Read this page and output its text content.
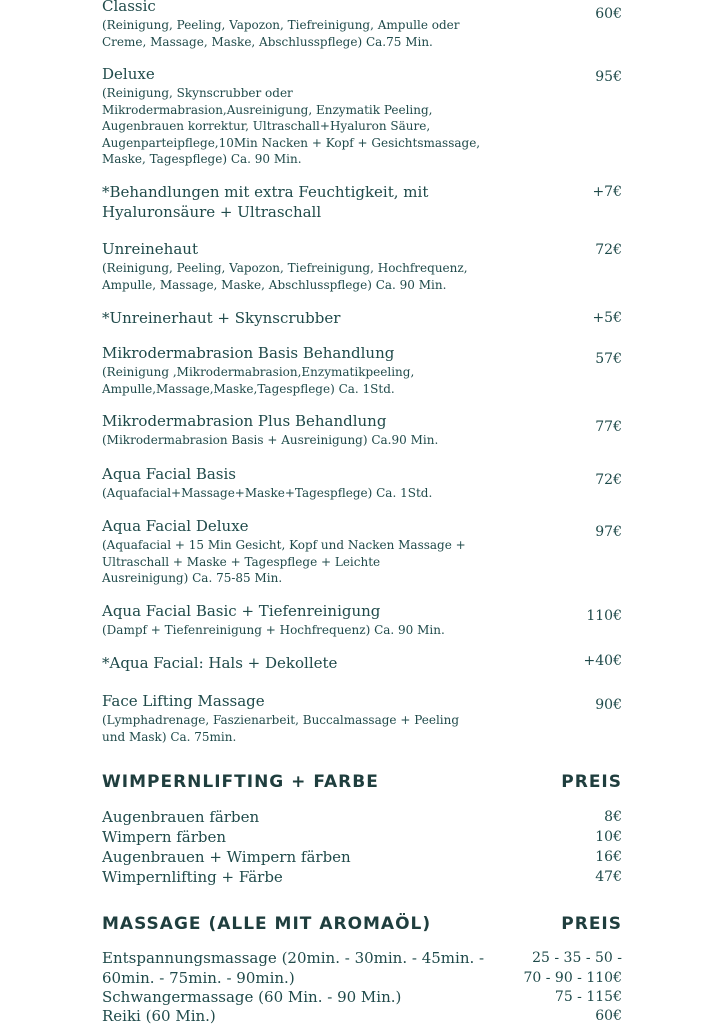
Classic
(Reinigung, Peeling, Vapozon, Tiefreinigung, Ampulle oder Creme, Massage, Maske, Abschlusspflege) Ca.75 Min.
60€
Deluxe
(Reinigung, Skynscrubber oder Mikrodermabrasion,Ausreinigung, Enzymatik Peeling, Augenbrauen korrektur, Ultraschall+Hyaluron Säure, Augenparteipflege,10Min Nacken + Kopf + Gesichtsmassage, Maske, Tagespflege) Ca. 90 Min.
95€
*Behandlungen mit extra Feuchtigkeit, mit Hyaluronsäure + Ultraschall
+7€
Unreinehaut
(Reinigung, Peeling, Vapozon, Tiefreinigung, Hochfrequenz, Ampulle, Massage, Maske, Abschlusspflege) Ca. 90 Min.
72€
*Unreinerhaut + Skynscrubber	+5€
Mikrodermabrasion Basis Behandlung
(Reinigung ,Mikrodermabrasion,Enzymatikpeeling, Ampulle,Massage,Maske,Tagespflege) Ca. 1Std.
57€
Mikrodermabrasion Plus Behandlung
(Mikrodermabrasion Basis + Ausreinigung) Ca.90 Min.
77€
Aqua Facial Basis
(Aquafacial+Massage+Maske+Tagespflege) Ca. 1Std.
72€
Aqua Facial Deluxe
(Aquafacial + 15 Min Gesicht, Kopf und Nacken Massage + Ultraschall + Maske + Tagespflege + Leichte Ausreinigung) Ca. 75-85 Min.
97€
Aqua Facial Basic + Tiefenreinigung
(Dampf + Tiefenreinigung + Hochfrequenz) Ca. 90 Min.
110€
*Aqua Facial: Hals + Dekollete	+40€
Face Lifting Massage
(Lymphadrenage, Faszienarbeit, Buccalmassage + Peeling und Mask) Ca. 75min.
90€
WIMPERNLIFTING + FARBE	PREIS
Augenbrauen färben	8€
Wimpern färben	10€
Augenbrauen + Wimpern färben	16€
Wimpernlifting + Färbe	47€
MASSAGE (ALLE MIT AROMAÖL)	PREIS
Entspannungsmassage (20min. - 30min. - 45min. -	25 - 35 - 50 -
60min. - 75min. - 90min.)	70 - 90 - 110€
Schwangermassage (60 Min. - 90 Min.)	75 - 115€
Reiki (60 Min.)	60€
